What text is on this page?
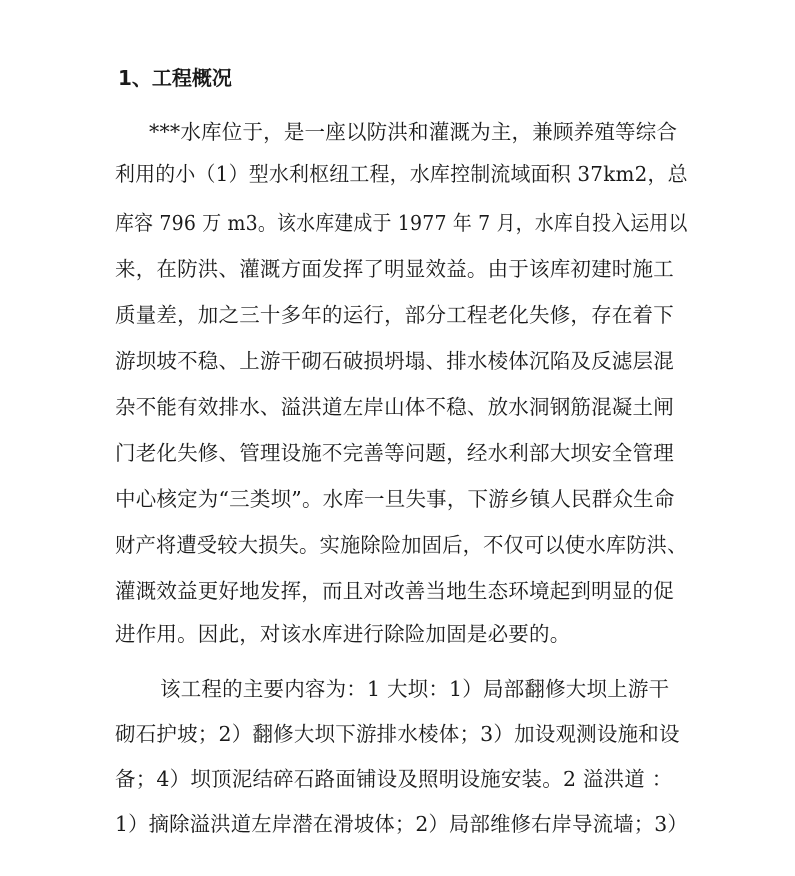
1、工程概况
***水库位于，是一座以防洪和灌溉为主，兼顾养殖等综合
利用的小（1）型水利枢纽工程，水库控制流域面积 37km2，总
库容 796 万 m3。该水库建成于 1977 年 7 月，水库自投入运用以
来，在防洪、灌溉方面发挥了明显效益。由于该库初建时施工
质量差，加之三十多年的运行，部分工程老化失修，存在着下
游坝坡不稳、上游干砌石破损坍塌、排水棱体沉陷及反滤层混
杂不能有效排水、溢洪道左岸山体不稳、放水洞钢筋混凝土闸
门老化失修、管理设施不完善等问题，经水利部大坝安全管理
中心核定为“三类坝”。水库一旦失事，下游乡镇人民群众生命
财产将遭受较大损失。实施除险加固后，不仅可以使水库防洪、
灌溉效益更好地发挥，而且对改善当地生态环境起到明显的促
进作用。因此，对该水库进行除险加固是必要的。
该工程的主要内容为：1 大坝：1）局部翻修大坝上游干
砌石护坡；2）翻修大坝下游排水棱体；3）加设观测设施和设
备；4）坝顶泥结碎石路面铺设及照明设施安装。2 溢洪道 ：
1）摘除溢洪道左岸潜在滑坡体；2）局部维修右岸导流墙；3）
